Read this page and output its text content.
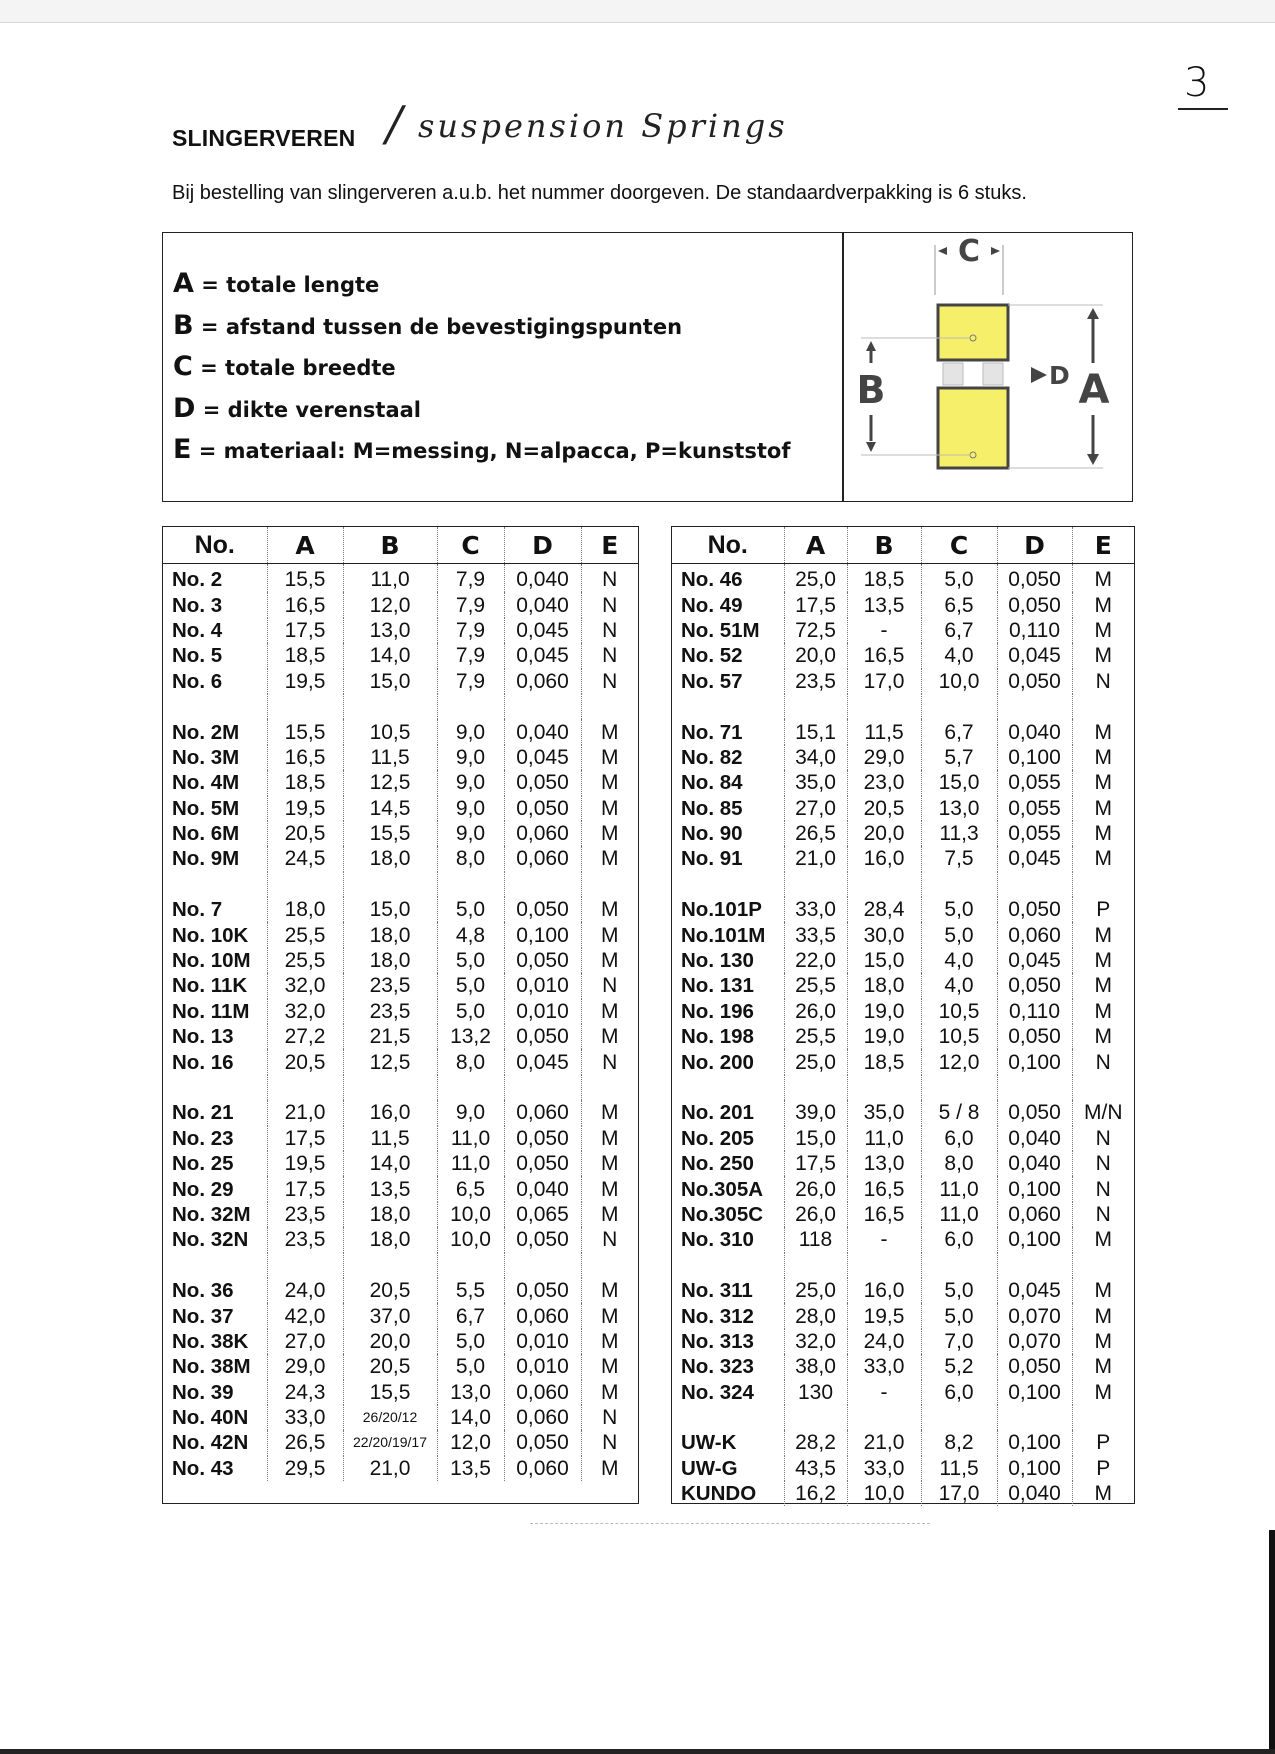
3
SLINGERVEREN / suspension Springs
Bij bestelling van slingerveren a.u.b. het nummer doorgeven. De standaardverpakking is 6 stuks.
A = totale lengte
B = afstand tussen de bevestigingspunten
C = totale breedte
D = dikte verenstaal
E = materiaal: M=messing, N=alpacca, P=kunststof
C
B	A
D
No.	A	B	C	D	E
No. 2	15,5	11,0	7,9	0,040	N
No. 3	16,5	12,0	7,9	0,040	N
No. 4	17,5	13,0	7,9	0,045	N
No. 5	18,5	14,0	7,9	0,045	N
No. 6	19,5	15,0	7,9	0,060	N

No. 2M	15,5	10,5	9,0	0,040	M
No. 3M	16,5	11,5	9,0	0,045	M
No. 4M	18,5	12,5	9,0	0,050	M
No. 5M	19,5	14,5	9,0	0,050	M
No. 6M	20,5	15,5	9,0	0,060	M
No. 9M	24,5	18,0	8,0	0,060	M

No. 7	18,0	15,0	5,0	0,050	M
No. 10K	25,5	18,0	4,8	0,100	M
No. 10M	25,5	18,0	5,0	0,050	M
No. 11K	32,0	23,5	5,0	0,010	N
No. 11M	32,0	23,5	5,0	0,010	M
No. 13	27,2	21,5	13,2	0,050	M
No. 16	20,5	12,5	8,0	0,045	N

No. 21	21,0	16,0	9,0	0,060	M
No. 23	17,5	11,5	11,0	0,050	M
No. 25	19,5	14,0	11,0	0,050	M
No. 29	17,5	13,5	6,5	0,040	M
No. 32M	23,5	18,0	10,0	0,065	M
No. 32N	23,5	18,0	10,0	0,050	N

No. 36	24,0	20,5	5,5	0,050	M
No. 37	42,0	37,0	6,7	0,060	M
No. 38K	27,0	20,0	5,0	0,010	M
No. 38M	29,0	20,5	5,0	0,010	M
No. 39	24,3	15,5	13,0	0,060	M
No. 40N	33,0	26/20/12	14,0	0,060	N
No. 42N	26,5	22/20/19/17	12,0	0,050	N
No. 43	29,5	21,0	13,5	0,060	M
No.	A	B	C	D	E
No. 46	25,0	18,5	5,0	0,050	M
No. 49	17,5	13,5	6,5	0,050	M
No. 51M	72,5	-	6,7	0,110	M
No. 52	20,0	16,5	4,0	0,045	M
No. 57	23,5	17,0	10,0	0,050	N

No. 71	15,1	11,5	6,7	0,040	M
No. 82	34,0	29,0	5,7	0,100	M
No. 84	35,0	23,0	15,0	0,055	M
No. 85	27,0	20,5	13,0	0,055	M
No. 90	26,5	20,0	11,3	0,055	M
No. 91	21,0	16,0	7,5	0,045	M

No.101P	33,0	28,4	5,0	0,050	P
No.101M	33,5	30,0	5,0	0,060	M
No. 130	22,0	15,0	4,0	0,045	M
No. 131	25,5	18,0	4,0	0,050	M
No. 196	26,0	19,0	10,5	0,110	M
No. 198	25,5	19,0	10,5	0,050	M
No. 200	25,0	18,5	12,0	0,100	N

No. 201	39,0	35,0	5 / 8	0,050	M/N
No. 205	15,0	11,0	6,0	0,040	N
No. 250	17,5	13,0	8,0	0,040	N
No.305A	26,0	16,5	11,0	0,100	N
No.305C	26,0	16,5	11,0	0,060	N
No. 310	118	-	6,0	0,100	M

No. 311	25,0	16,0	5,0	0,045	M
No. 312	28,0	19,5	5,0	0,070	M
No. 313	32,0	24,0	7,0	0,070	M
No. 323	38,0	33,0	5,2	0,050	M
No. 324	130	-	6,0	0,100	M

UW-K	28,2	21,0	8,2	0,100	P
UW-G	43,5	33,0	11,5	0,100	P
KUNDO	16,2	10,0	17,0	0,040	M
